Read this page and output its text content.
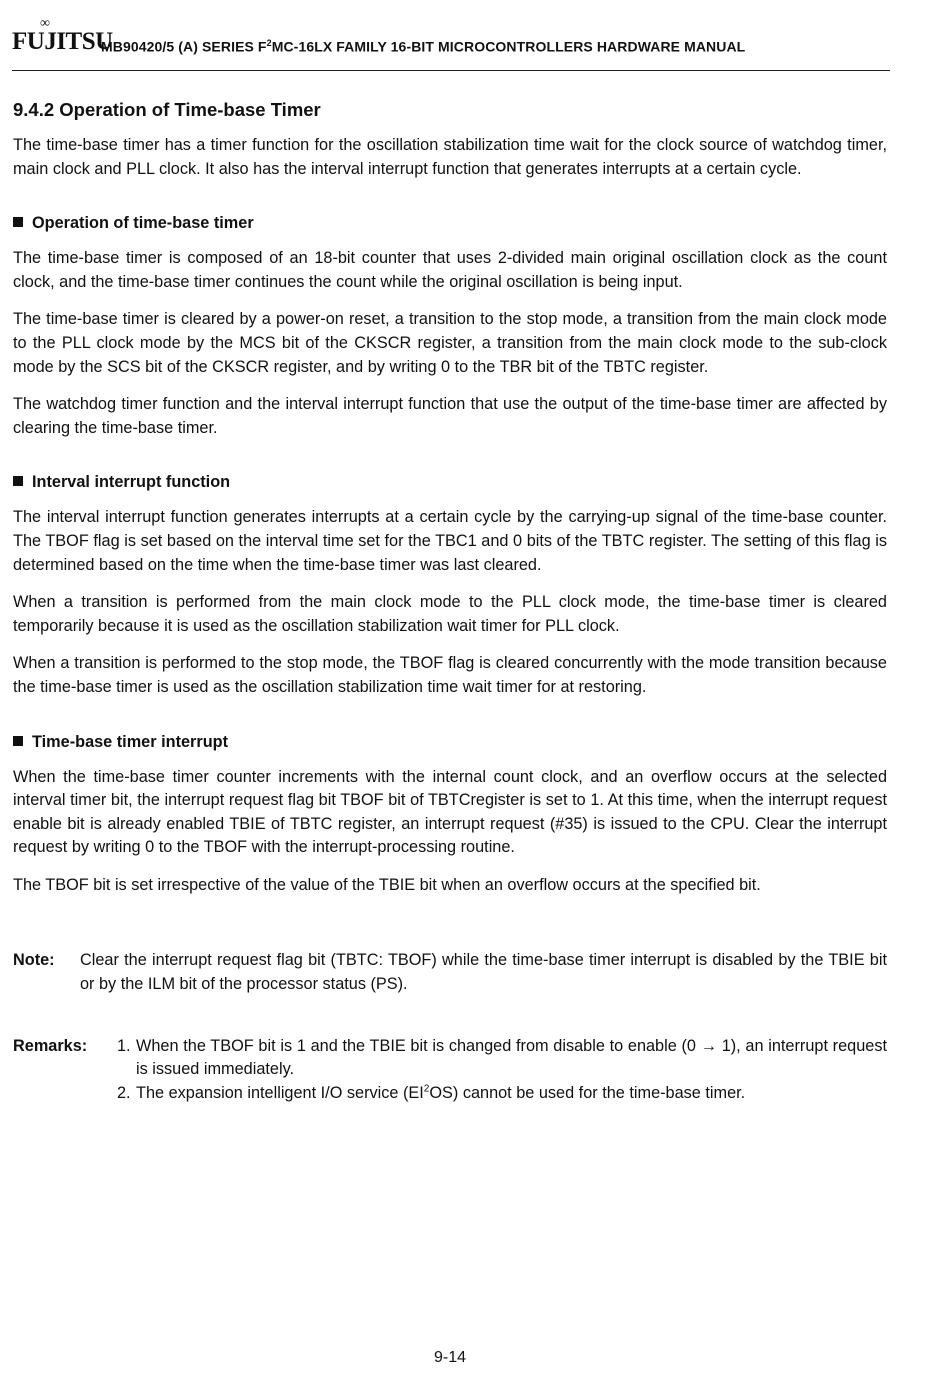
∞
FUJITSU
MB90420/5 (A) SERIES $F^2MC-16LX$ FAMILY 16-BIT MICROCONTROLLERS HARDWARE MANUAL
9.4.2 Operation of Time-base Timer

The time-base timer has a timer function for the oscillation stabilization time wait for the clock source of watchdog timer, main clock and PLL clock. It also has the interval interrupt function that generates interrupts at a certain cycle.

Operation of time-base timer

The time-base timer is composed of an 18-bit counter that uses 2-divided main original oscillation clock as the count clock, and the time-base timer continues the count while the original oscillation is being input.

The time-base timer is cleared by a power-on reset, a transition to the stop mode, a transition from the main clock mode to the PLL clock mode by the MCS bit of the CKSCR register, a transition from the main clock mode to the sub-clock mode by the SCS bit of the CKSCR register, and by writing 0 to the TBR bit of the TBTC register.

The watchdog timer function and the interval interrupt function that use the output of the time-base timer are affected by clearing the time-base timer.

Interval interrupt function

The interval interrupt function generates interrupts at a certain cycle by the carrying-up signal of the time-base counter. The TBOF flag is set based on the interval time set for the TBC1 and 0 bits of the TBTC register. The setting of this flag is determined based on the time when the time-base timer was last cleared.

When a transition is performed from the main clock mode to the PLL clock mode, the time-base timer is cleared temporarily because it is used as the oscillation stabilization wait timer for PLL clock.

When a transition is performed to the stop mode, the TBOF flag is cleared concurrently with the mode transition because the time-base timer is used as the oscillation stabilization time wait timer for at restoring.

Time-base timer interrupt

When the time-base timer counter increments with the internal count clock, and an overflow occurs at the selected interval timer bit, the interrupt request flag bit TBOF bit of TBTCregister is set to 1. At this time, when the interrupt request enable bit is already enabled TBIE of TBTC register, an interrupt request (#35) is issued to the CPU. Clear the interrupt request by writing 0 to the TBOF with the interrupt-processing routine.

The TBOF bit is set irrespective of the value of the TBIE bit when an overflow occurs at the specified bit.

Note:	Clear the interrupt request flag bit (TBTC: TBOF) while the time-base timer interrupt is disabled by the TBIE bit or by the ILM bit of the processor status (PS).
Remarks:	1. When the TBOF bit is 1 and the TBIE bit is changed from disable to enable (0 → 1), an interrupt request is issued immediately.
2. The expansion intelligent I/O service $(EI^2OS)$ cannot be used for the time-base timer.
9-14
